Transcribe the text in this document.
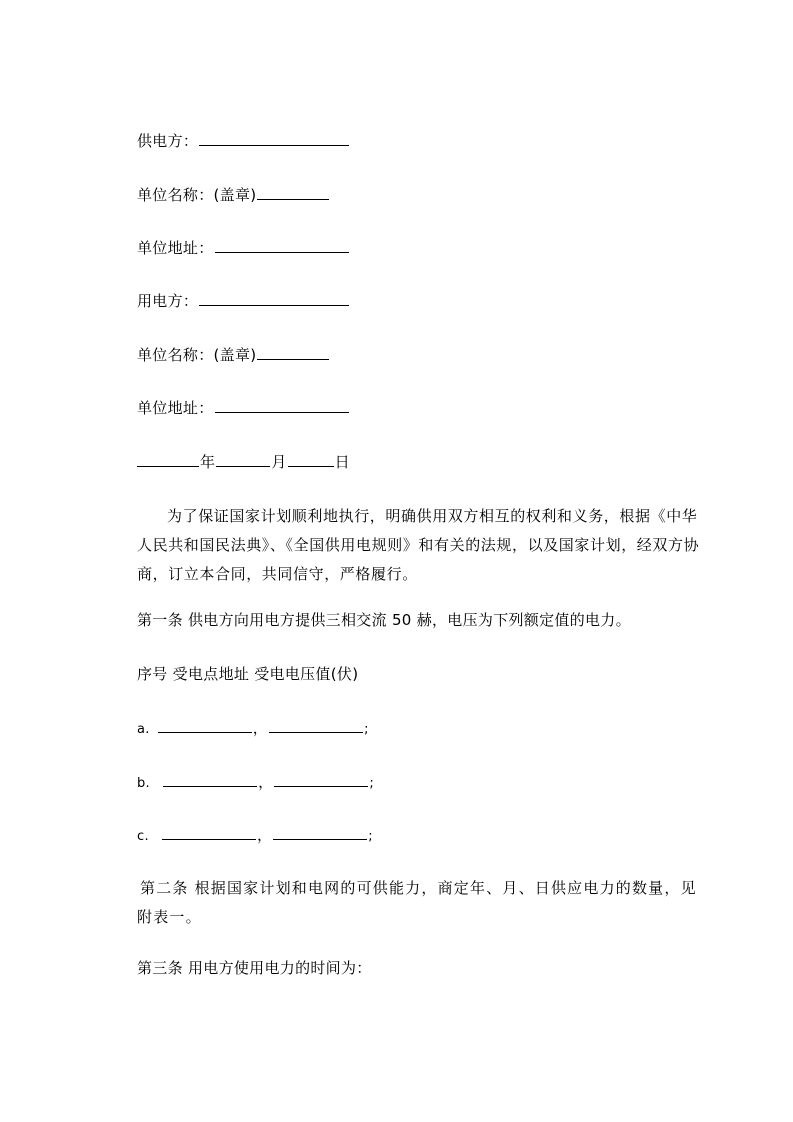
供电方：
单位名称：(盖章)
单位地址：
用电方：
单位名称：(盖章)
单位地址：
年	月	日
为了保证国家计划顺利地执行，明确供用双方相互的权利和义务，根据《中华人民共和国民法典》、《全国供用电规则》和有关的法规，以及国家计划，经双方协商，订立本合同，共同信守，严格履行。
第一条 供电方向用电方提供三相交流 50 赫，电压为下列额定值的电力。
序号 受电点地址 受电电压值(伏)
a.	，	;
b.	，	;
c.	，	;
第二条 根据国家计划和电网的可供能力，商定年、月、日供应电力的数量，见附表一。
第三条 用电方使用电力的时间为：
